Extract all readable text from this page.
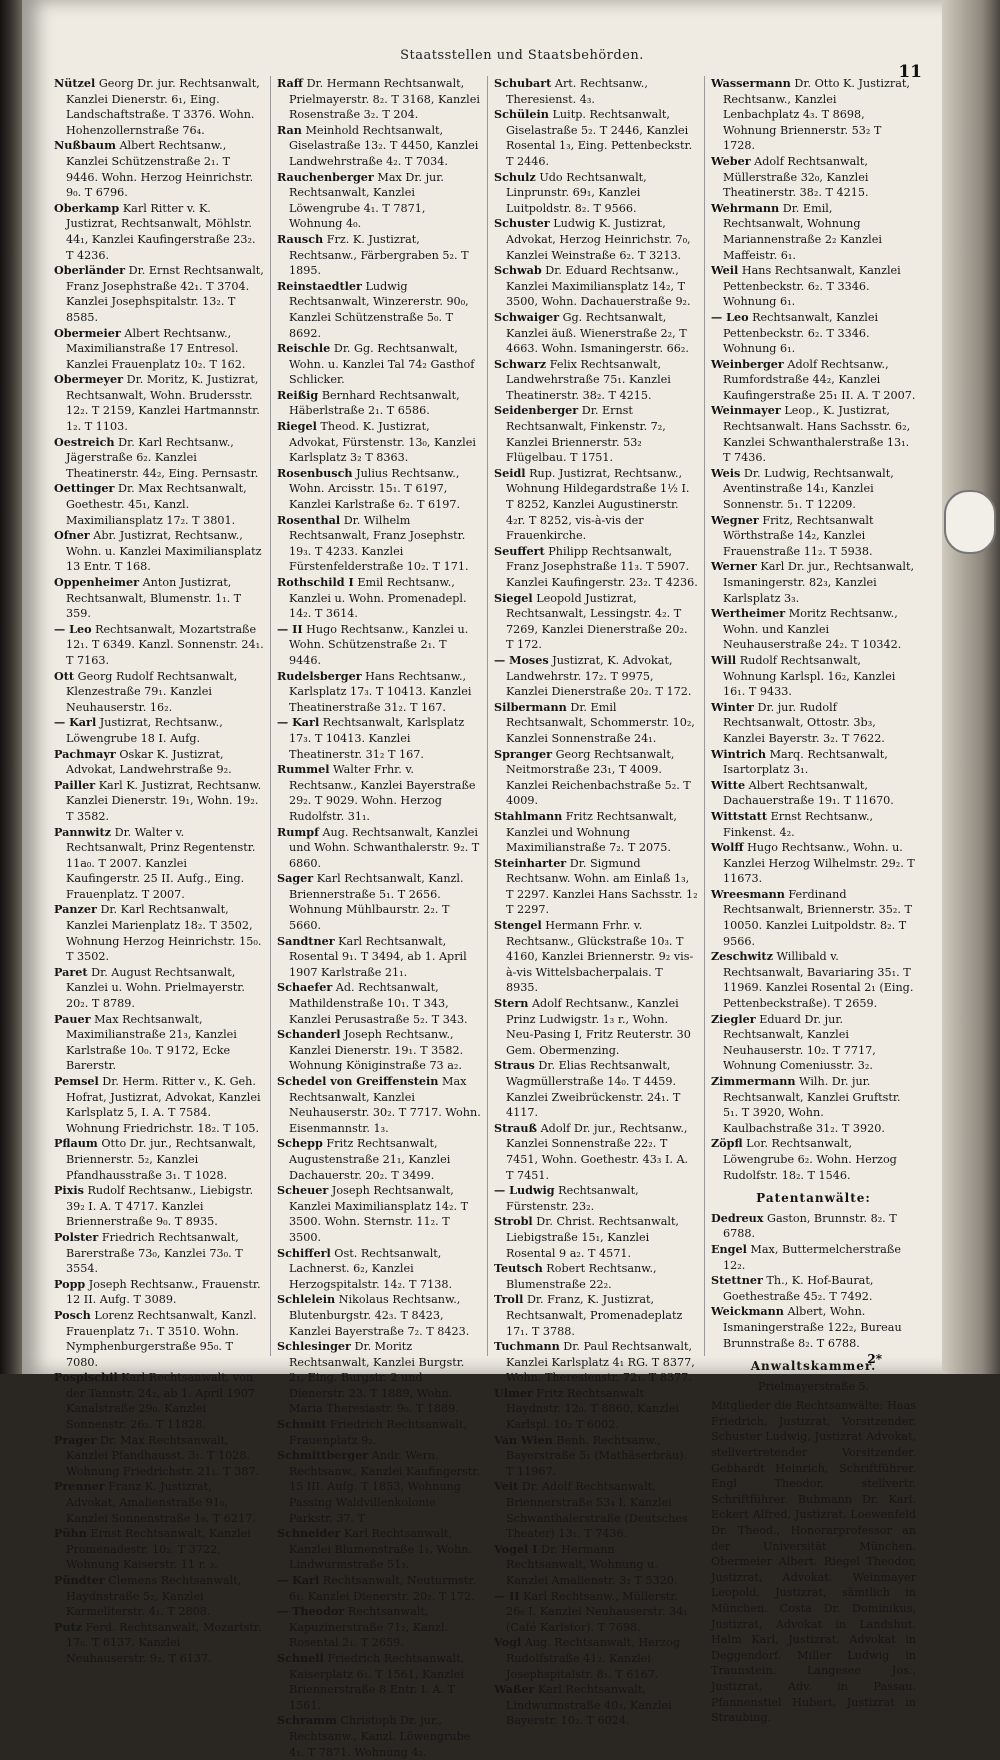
Staatsstellen und Staatsbehörden.
11
Nützel Georg Dr. jur. Rechtsanwalt, Kanzlei Dienerstr. 6₁, Eing. Landschaftstraße. T 3376. Wohn. Hohenzollernstraße 76₄.
Nußbaum Albert Rechtsanw., Kanzlei Schützenstraße 2₁. T 9446. Wohn. Herzog Heinrichstr. 9₀. T 6796.
Oberkamp Karl Ritter v. K. Justizrat, Rechtsanwalt, Möhlstr. 44₁, Kanzlei Kaufingerstraße 23₂. T 4236.
Oberländer Dr. Ernst Rechtsanwalt, Franz Josephstraße 42₁. T 3704. Kanzlei Josephspitalstr. 13₂. T 8585.
Obermeier Albert Rechtsanw., Maximilianstraße 17 Entresol. Kanzlei Frauenplatz 10₂. T 162.
Obermeyer Dr. Moritz, K. Justizrat, Rechtsanwalt, Wohn. Brudersstr. 12₂. T 2159, Kanzlei Hartmannstr. 1₂. T 1103.
Oestreich Dr. Karl Rechtsanw., Jägerstraße 6₂. Kanzlei Theatinerstr. 44₂, Eing. Pernsastr.
Oettinger Dr. Max Rechtsanwalt, Goethestr. 45₁, Kanzl. Maximiliansplatz 17₂. T 3801.
Ofner Abr. Justizrat, Rechtsanw., Wohn. u. Kanzlei Maximiliansplatz 13 Entr. T 168.
Oppenheimer Anton Justizrat, Rechtsanwalt, Blumenstr. 1₁. T 359.
— Leo Rechtsanwalt, Mozartstraße 12₁. T 6349. Kanzl. Sonnenstr. 24₁. T 7163.
Ott Georg Rudolf Rechtsanwalt, Klenzestraße 79₁. Kanzlei Neuhauserstr. 16₂.
— Karl Justizrat, Rechtsanw., Löwengrube 18 I. Aufg.
Pachmayr Oskar K. Justizrat, Advokat, Landwehrstraße 9₂.
Pailler Karl K. Justizrat, Rechtsanw. Kanzlei Dienerstr. 19₁, Wohn. 19₂. T 3582.
Pannwitz Dr. Walter v. Rechtsanwalt, Prinz Regentenstr. 11a₀. T 2007. Kanzlei Kaufingerstr. 25 II. Aufg., Eing. Frauenplatz. T 2007.
Panzer Dr. Karl Rechtsanwalt, Kanzlei Marienplatz 18₂. T 3502, Wohnung Herzog Heinrichstr. 15₀. T 3502.
Paret Dr. August Rechtsanwalt, Kanzlei u. Wohn. Prielmayerstr. 20₂. T 8789.
Pauer Max Rechtsanwalt, Maximilianstraße 21₃, Kanzlei Karlstraße 10₀. T 9172, Ecke Barerstr.
Pemsel Dr. Herm. Ritter v., K. Geh. Hofrat, Justizrat, Advokat, Kanzlei Karlsplatz 5, I. A. T 7584. Wohnung Friedrichstr. 18₂. T 105.
Pflaum Otto Dr. jur., Rechtsanwalt, Briennerstr. 5₂, Kanzlei Pfandhausstraße 3₁. T 1028.
Pixis Rudolf Rechtsanw., Liebigstr. 39₂ I. A. T 4717. Kanzlei Briennerstraße 9₀. T 8935.
Polster Friedrich Rechtsanwalt, Barerstraße 73₀, Kanzlei 73₀. T 3554.
Popp Joseph Rechtsanw., Frauenstr. 12 II. Aufg. T 3089.
Posch Lorenz Rechtsanwalt, Kanzl. Frauenplatz 7₁. T 3510. Wohn. Nymphenburgerstraße 95₀. T 7080.
Pospischil Karl Rechtsanwalt, von der Tannstr. 24₂, ab 1. April 1907 Kanalstraße 29₀. Kanzlei Sonnenstr. 26₂. T 11828.
Prager Dr. Max Rechtsanwalt, Kanzlei Pfandhausst. 3₁. T 1028. Wohnung Friedrichstr. 21₁. T 387.
Prenner Franz K. Justizrat, Advokat, Amalienstraße 91₀, Kanzlei Sonnenstraße 1₀. T 6217.
Pühn Ernst Rechtsanwalt, Kanzlei Promenadestr. 10₂. T 3722, Wohnung Kaiserstr. 11 r. ₂.
Pündter Clemens Rechtsanwalt, Haydnstraße 5₂, Kanzlei Karmeliterstr. 4₁. T 2808.
Putz Ferd. Rechtsanwalt, Mozartstr. 17₀. T 6137. Kanzlei Neuhauserstr. 9₂. T 6137.
Raff Dr. Hermann Rechtsanwalt, Prielmayerstr. 8₂. T 3168, Kanzlei Rosenstraße 3₂. T 204.
Ran Meinhold Rechtsanwalt, Giselastraße 13₂. T 4450, Kanzlei Landwehrstraße 4₂. T 7034.
Rauchenberger Max Dr. jur. Rechtsanwalt, Kanzlei Löwengrube 4₁. T 7871, Wohnung 4₀.
Rausch Frz. K. Justizrat, Rechtsanw., Färbergraben 5₂. T 1895.
Reinstaedtler Ludwig Rechtsanwalt, Winzererstr. 90₀, Kanzlei Schützenstraße 5₀. T 8692.
Reischle Dr. Gg. Rechtsanwalt, Wohn. u. Kanzlei Tal 74₂ Gasthof Schlicker.
Reißig Bernhard Rechtsanwalt, Häberlstraße 2₁. T 6586.
Riegel Theod. K. Justizrat, Advokat, Fürstenstr. 13₀, Kanzlei Karlsplatz 3₂ T 8363.
Rosenbusch Julius Rechtsanw., Wohn. Arcisstr. 15₁. T 6197, Kanzlei Karlstraße 6₂. T 6197.
Rosenthal Dr. Wilhelm Rechtsanwalt, Franz Josephstr. 19₃. T 4233. Kanzlei Fürstenfelderstraße 10₂. T 171.
Rothschild I Emil Rechtsanw., Kanzlei u. Wohn. Promenadepl. 14₂. T 3614.
— II Hugo Rechtsanw., Kanzlei u. Wohn. Schützenstraße 2₁. T 9446.
Rudelsberger Hans Rechtsanw., Karlsplatz 17₃. T 10413. Kanzlei Theatinerstraße 31₂. T 167.
— Karl Rechtsanwalt, Karlsplatz 17₃. T 10413. Kanzlei Theatinerstr. 31₂ T 167.
Rummel Walter Frhr. v. Rechtsanw., Kanzlei Bayerstraße 29₂. T 9029. Wohn. Herzog Rudolfstr. 31₁.
Rumpf Aug. Rechtsanwalt, Kanzlei und Wohn. Schwanthalerstr. 9₂. T 6860.
Sager Karl Rechtsanwalt, Kanzl. Briennerstraße 5₁. T 2656. Wohnung Mühlbaurstr. 2₂. T 5660.
Sandtner Karl Rechtsanwalt, Rosental 9₁. T 3494, ab 1. April 1907 Karlstraße 21₁.
Schaefer Ad. Rechtsanwalt, Mathildenstraße 10₁. T 343, Kanzlei Perusastraße 5₂. T 343.
Schanderl Joseph Rechtsanw., Kanzlei Dienerstr. 19₁. T 3582. Wohnung Königinstraße 73 a₂.
Schedel von Greiffenstein Max Rechtsanwalt, Kanzlei Neuhauserstr. 30₂. T 7717. Wohn. Eisenmannstr. 1₃.
Schepp Fritz Rechtsanwalt, Augustenstraße 21₁, Kanzlei Dachauerstr. 20₂. T 3499.
Scheuer Joseph Rechtsanwalt, Kanzlei Maximiliansplatz 14₂. T 3500. Wohn. Sternstr. 11₂. T 3500.
Schifferl Ost. Rechtsanwalt, Lachnerst. 6₂, Kanzlei Herzogspitalstr. 14₂. T 7138.
Schlelein Nikolaus Rechtsanw., Blutenburgstr. 42₃. T 8423, Kanzlei Bayerstraße 7₂. T 8423.
Schlesinger Dr. Moritz Rechtsanwalt, Kanzlei Burgstr. 2₁, Eing. Burgstr. 2 und Dienerstr. 23. T 1889, Wohn. Maria Theresiastr. 9₀. T 1889.
Schmitt Friedrich Rechtsanwalt, Frauenplatz 9₂.
Schmittberger Andr. Wern. Rechtsanw., Kanzlei Kaufingerstr. 15 III. Aufg. T 1853, Wohnung Passing Waldvillenkolonie Parkstr. 37. T
Schneider Karl Rechtsanwalt, Kanzlei Blumenstraße 1₁, Wohn. Lindwurmstraße 51₃.
— Karl Rechtsanwalt, Neuturmstr. 6₁. Kanzlei Dienerstr. 20₂. T 172.
— Theodor Rechtsanwalt, Kapuzinerstraße 71₂, Kanzl. Rosental 2₁. T 2659.
Schnell Friedrich Rechtsanwalt, Kaiserplatz 6₁. T 1561, Kanzlei Briennerstraße 8 Entr. I. A. T 1561.
Schramm Christoph Dr. jur., Rechtsanw., Kanzl. Löwengrube 4₁. T 7871. Wohnung 4₂.
Schubart Art. Rechtsanw., Theresienst. 4₃.
Schülein Luitp. Rechtsanwalt, Giselastraße 5₂. T 2446, Kanzlei Rosental 1₃, Eing. Pettenbeckstr. T 2446.
Schulz Udo Rechtsanwalt, Linprunstr. 69₁, Kanzlei Luitpoldstr. 8₂. T 9566.
Schuster Ludwig K. Justizrat, Advokat, Herzog Heinrichstr. 7₀, Kanzlei Weinstraße 6₂. T 3213.
Schwab Dr. Eduard Rechtsanw., Kanzlei Maximiliansplatz 14₂, T 3500, Wohn. Dachauerstraße 9₂.
Schwaiger Gg. Rechtsanwalt, Kanzlei äuß. Wienerstraße 2₂, T 4663. Wohn. Ismaningerstr. 66₂.
Schwarz Felix Rechtsanwalt, Landwehrstraße 75₁. Kanzlei Theatinerstr. 38₂. T 4215.
Seidenberger Dr. Ernst Rechtsanwalt, Finkenstr. 7₂, Kanzlei Briennerstr. 53₂ Flügelbau. T 1751.
Seidl Rup. Justizrat, Rechtsanw., Wohnung Hildegardstraße 1½ I. T 8252, Kanzlei Augustinerstr. 4₂r. T 8252, vis-à-vis der Frauenkirche.
Seuffert Philipp Rechtsanwalt, Franz Josephstraße 11₃. T 5907. Kanzlei Kaufingerstr. 23₂. T 4236.
Siegel Leopold Justizrat, Rechtsanwalt, Lessingstr. 4₂. T 7269, Kanzlei Dienerstraße 20₂. T 172.
— Moses Justizrat, K. Advokat, Landwehrstr. 17₂. T 9975, Kanzlei Dienerstraße 20₂. T 172.
Silbermann Dr. Emil Rechtsanwalt, Schommerstr. 10₂, Kanzlei Sonnenstraße 24₁.
Spranger Georg Rechtsanwalt, Neitmorstraße 23₁, T 4009. Kanzlei Reichenbachstraße 5₂. T 4009.
Stahlmann Fritz Rechtsanwalt, Kanzlei und Wohnung Maximilianstraße 7₂. T 2075.
Steinharter Dr. Sigmund Rechtsanw. Wohn. am Einlaß 1₃, T 2297. Kanzlei Hans Sachsstr. 1₂ T 2297.
Stengel Hermann Frhr. v. Rechtsanw., Glückstraße 10₃. T 4160, Kanzlei Briennerstr. 9₂ vis-à-vis Wittelsbacherpalais. T 8935.
Stern Adolf Rechtsanw., Kanzlei Prinz Ludwigstr. 1₃ r., Wohn. Neu-Pasing I, Fritz Reuterstr. 30 Gem. Obermenzing.
Straus Dr. Elias Rechtsanwalt, Wagmüllerstraße 14₀. T 4459. Kanzlei Zweibrückenstr. 24₁. T 4117.
Strauß Adolf Dr. jur., Rechtsanw., Kanzlei Sonnenstraße 22₂. T 7451, Wohn. Goethestr. 43₃ I. A. T 7451.
— Ludwig Rechtsanwalt, Fürstenstr. 23₂.
Strobl Dr. Christ. Rechtsanwalt, Liebigstraße 15₁, Kanzlei Rosental 9 a₂. T 4571.
Teutsch Robert Rechtsanw., Blumenstraße 22₂.
Troll Dr. Franz, K. Justizrat, Rechtsanwalt, Promenadeplatz 17₁. T 3788.
Tuchmann Dr. Paul Rechtsanwalt, Kanzlei Karlsplatz 4₁ RG. T 8377, Wohn. Theresienstr. 72₁. T 8377.
Ulmer Fritz Rechtsanwalt Haydnstr. 12₀. T 8860, Kanzlei Karlspl. 10₂ T 6002.
Van Wien Benh. Rechtsanw., Bayerstraße 5₁ (Mathäserbräu). T 11967.
Veit Dr. Adolf Rechtsanwalt, Briennerstraße 53₄ I, Kanzlei Schwanthalerstraße (Deutsches Theater) 13₁. T 7436.
Vogel I Dr. Hermann Rechtsanwalt, Wohnung u. Kanzlei Amalienstr. 3₂ T 5320.
— II Karl Rechtsanw., Müllerstr. 26₀ I. Kanzlei Neuhauserstr. 34₁ (Café Karlstor). T 7698.
Vogl Aug. Rechtsanwalt, Herzog Rudolfstraße 41₂. Kanzlei Josephspitalstr. 8₁. T 6167.
Waßer Karl Rechtsanwalt, Lindwurmstraße 40₃, Kanzlei Bayerstr. 10₂. T 6024.
Wassermann Dr. Otto K. Justizrat, Rechtsanw., Kanzlei Lenbachplatz 4₃. T 8698, Wohnung Briennerstr. 53₂ T 1728.
Weber Adolf Rechtsanwalt, Müllerstraße 32₀, Kanzlei Theatinerstr. 38₂. T 4215.
Wehrmann Dr. Emil, Rechtsanwalt, Wohnung Mariannenstraße 2₂ Kanzlei Maffeistr. 6₁.
Weil Hans Rechtsanwalt, Kanzlei Pettenbeckstr. 6₂. T 3346. Wohnung 6₁.
— Leo Rechtsanwalt, Kanzlei Pettenbeckstr. 6₂. T 3346. Wohnung 6₁.
Weinberger Adolf Rechtsanw., Rumfordstraße 44₂, Kanzlei Kaufingerstraße 25₁ II. A. T 2007.
Weinmayer Leop., K. Justizrat, Rechtsanwalt. Hans Sachsstr. 6₂, Kanzlei Schwanthalerstraße 13₁. T 7436.
Weis Dr. Ludwig, Rechtsanwalt, Aventinstraße 14₁, Kanzlei Sonnenstr. 5₁. T 12209.
Wegner Fritz, Rechtsanwalt Wörthstraße 14₂, Kanzlei Frauenstraße 11₂. T 5938.
Werner Karl Dr. jur., Rechtsanwalt, Ismaningerstr. 82₃, Kanzlei Karlsplatz 3₃.
Wertheimer Moritz Rechtsanw., Wohn. und Kanzlei Neuhauserstraße 24₂. T 10342.
Will Rudolf Rechtsanwalt, Wohnung Karlspl. 16₂, Kanzlei 16₁. T 9433.
Winter Dr. jur. Rudolf Rechtsanwalt, Ottostr. 3b₃, Kanzlei Bayerstr. 3₂. T 7622.
Wintrich Marq. Rechtsanwalt, Isartorplatz 3₁.
Witte Albert Rechtsanwalt, Dachauerstraße 19₁. T 11670.
Wittstatt Ernst Rechtsanw., Finkenst. 4₂.
Wolff Hugo Rechtsanw., Wohn. u. Kanzlei Herzog Wilhelmstr. 29₂. T 11673.
Wreesmann Ferdinand Rechtsanwalt, Briennerstr. 35₂. T 10050. Kanzlei Luitpoldstr. 8₂. T 9566.
Zeschwitz Willibald v. Rechtsanwalt, Bavariaring 35₁. T 11969. Kanzlei Rosental 2₁ (Eing. Pettenbeckstraße). T 2659.
Ziegler Eduard Dr. jur. Rechtsanwalt, Kanzlei Neuhauserstr. 10₂. T 7717, Wohnung Comeniusstr. 3₂.
Zimmermann Wilh. Dr. jur. Rechtsanwalt, Kanzlei Gruftstr. 5₁. T 3920, Wohn. Kaulbachstraße 31₂. T 3920.
Zöpfl Lor. Rechtsanwalt, Löwengrube 6₂. Wohn. Herzog Rudolfstr. 18₂. T 1546.
Patentanwälte:
Dedreux Gaston, Brunnstr. 8₂. T 6788.
Engel Max, Buttermelcherstraße 12₂.
Stettner Th., K. Hof-Baurat, Goethestraße 45₂. T 7492.
Weickmann Albert, Wohn. Ismaningerstraße 122₂, Bureau Brunnstraße 8₂. T 6788.
Anwaltskammer.
Prielmayerstraße 5.
Mitglieder die Rechtsanwälte: Haas Friedrich, Justizrat, Vorsitzender. Schuster Ludwig, Justizrat Advokat, stellvertretender Vorsitzender. Gebhardt Heinrich, Schriftführer. Engl Theodor, stellvertr. Schriftführer. Buhmann Dr. Karl. Eckert Alfred, Justizrat. Loewenfeld Dr. Theod., Honorarprofessor an der Universität München. Obermeier Albert. Riegel Theodor, Justizrat, Advokat. Weinmayer Leopold, Justizrat, sämtlich in München. Costa Dr. Dominikus, Justizrat, Advokat in Landshut. Halm Karl, Justizrat, Advokat in Deggendorf. Miller Ludwig in Traunstein. Langesee Jos., Justizrat, Adv. in Passau. Pfannenstiel Hubert, Justizrat in Straubing.
2*
